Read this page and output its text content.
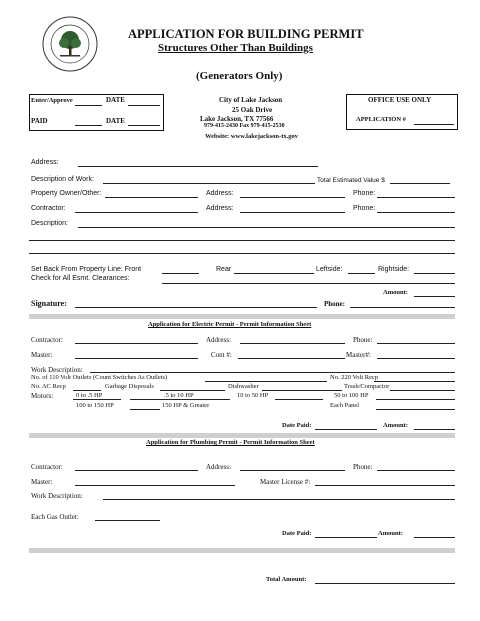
APPLICATION FOR BUILDING PERMIT
Structures Other Than Buildings
(Generators Only)
Enter/Approve	DATE
PAID	DATE
City of Lake Jackson
25 Oak Drive
Lake Jackson, TX 77566
979-415-2430 Fax 979-415-2530
Website: www.lakejackson-tx.gov
OFFICE USE ONLY
APPLICATION #
Address:
Description of Work:	Total Estimated Value $
Property Owner/Other:	Address:	Phone:
Contractor:	Address:	Phone:
Description:
Set Back From Property Line: Front	Rear	Leftside:	Rightside:
Check for All Esmt. Clearances:
Amount:
Signature:	Phone:
Application for Electric Permit - Permit Information Sheet
Contractor:	Address:	Phone:
Master:	Cont #:	Master#:
Work Description:
No. of 110 Volt Outlets (Count Switches As Outlets)	No. 220 Volt Recp
No. AC Recp	Garbage Disposals	Dishwasher	Trash/Compactor
Motors:	0 to .5 HP	.5 to 10 HP	10 to 50 HP	50 to 100 HP
100 to 150 HP	150 HP & Greater	Each Panel
Date Paid:	Amount:
Application for Plumbing Permit - Permit Information Sheet
Contractor:	Address:	Phone:
Master:	Master License #:
Work Description:
Each Gas Outlet:
Date Paid:	Amount:
Total Amount:
